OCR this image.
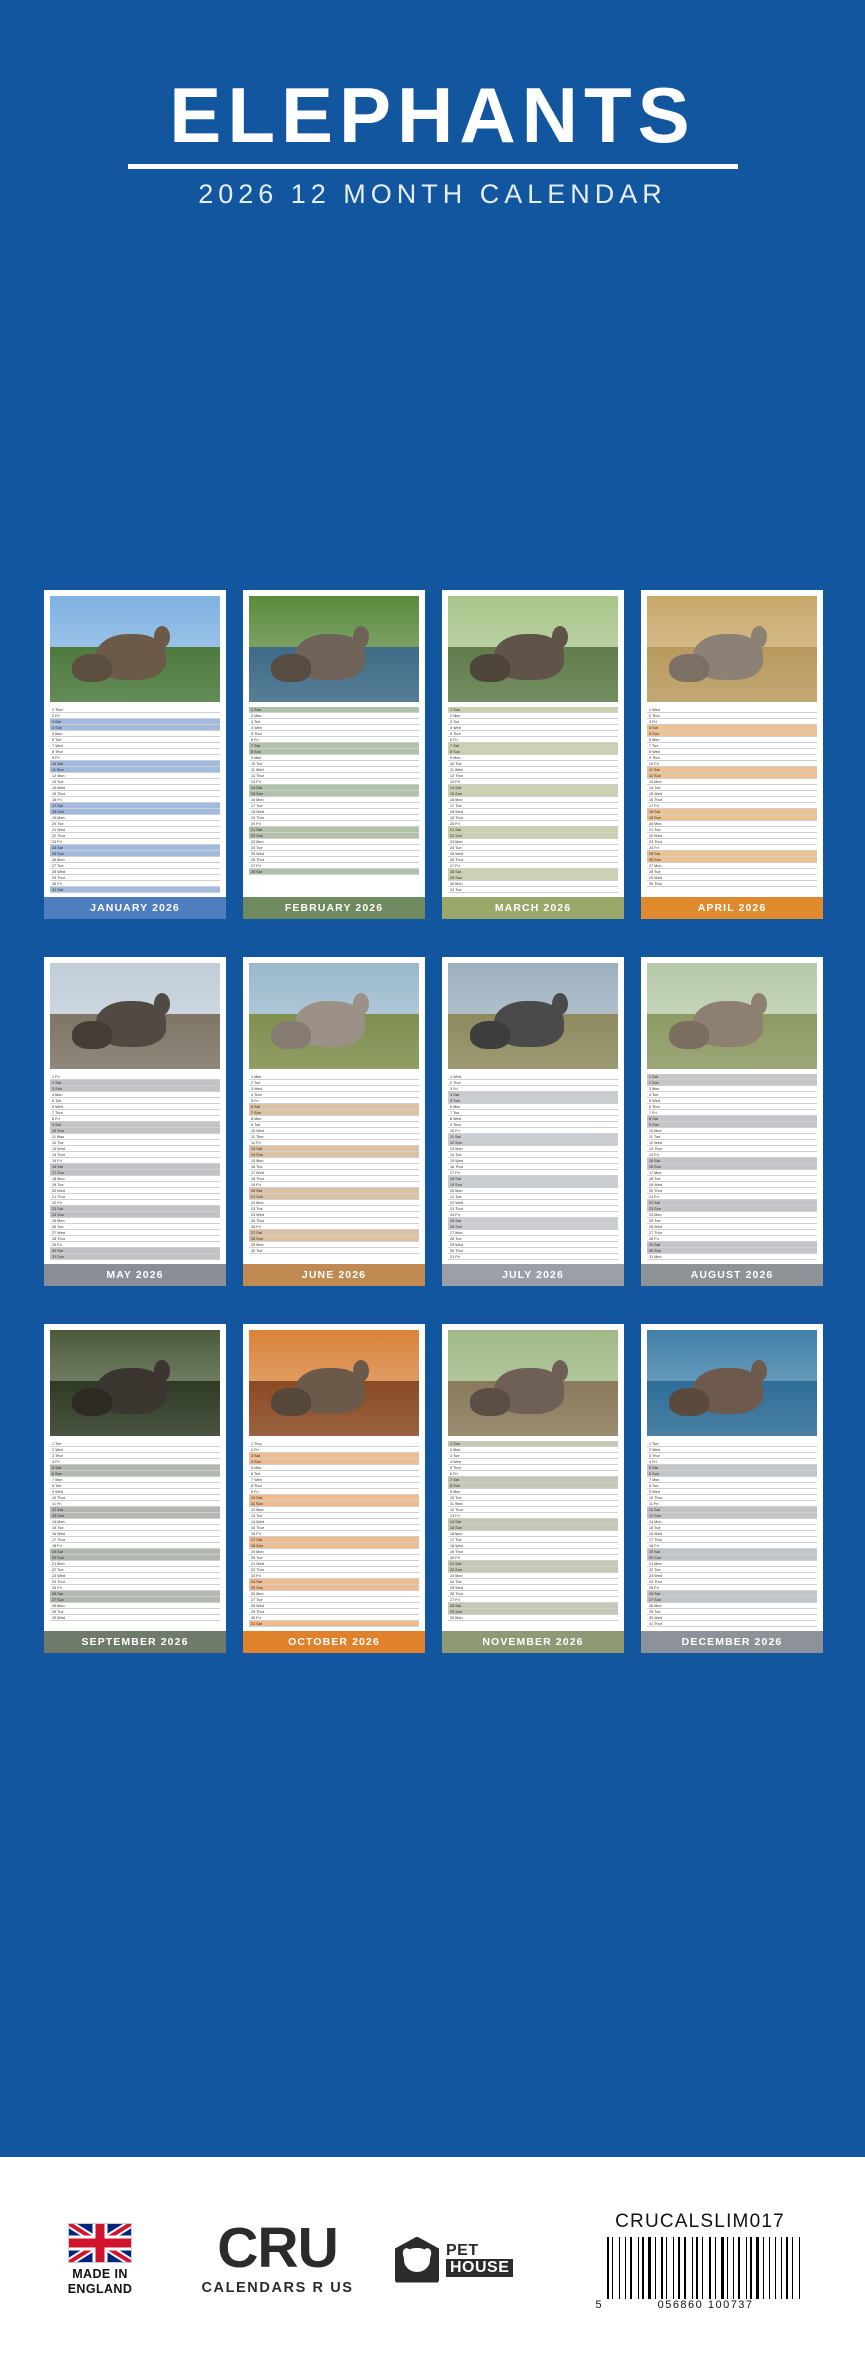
ELEPHANTS
2026 12 MONTH CALENDAR
1 Thur
2 Fri
3 Sat
4 Sun
5 Mon
6 Tue
7 Wed
8 Thur
9 Fri
10 Sat
11 Sun
12 Mon
13 Tue
14 Wed
15 Thur
16 Fri
17 Sat
18 Sun
19 Mon
20 Tue
21 Wed
22 Thur
23 Fri
24 Sat
25 Sun
26 Mon
27 Tue
28 Wed
29 Thur
30 Fri
31 Sat
JANUARY 2026
1 Sun
2 Mon
3 Tue
4 Wed
5 Thur
6 Fri
7 Sat
8 Sun
9 Mon
10 Tue
11 Wed
12 Thur
13 Fri
14 Sat
15 Sun
16 Mon
17 Tue
18 Wed
19 Thur
20 Fri
21 Sat
22 Sun
23 Mon
24 Tue
25 Wed
26 Thur
27 Fri
28 Sat
FEBRUARY 2026
1 Sun
2 Mon
3 Tue
4 Wed
5 Thur
6 Fri
7 Sat
8 Sun
9 Mon
10 Tue
11 Wed
12 Thur
13 Fri
14 Sat
15 Sun
16 Mon
17 Tue
18 Wed
19 Thur
20 Fri
21 Sat
22 Sun
23 Mon
24 Tue
25 Wed
26 Thur
27 Fri
28 Sat
29 Sun
30 Mon
31 Tue
MARCH 2026
1 Wed
2 Thur
3 Fri
4 Sat
5 Sun
6 Mon
7 Tue
8 Wed
9 Thur
10 Fri
11 Sat
12 Sun
13 Mon
14 Tue
15 Wed
16 Thur
17 Fri
18 Sat
19 Sun
20 Mon
21 Tue
22 Wed
23 Thur
24 Fri
25 Sat
26 Sun
27 Mon
28 Tue
29 Wed
30 Thur
APRIL 2026
1 Fri
2 Sat
3 Sun
4 Mon
5 Tue
6 Wed
7 Thur
8 Fri
9 Sat
10 Sun
11 Mon
12 Tue
13 Wed
14 Thur
15 Fri
16 Sat
17 Sun
18 Mon
19 Tue
20 Wed
21 Thur
22 Fri
23 Sat
24 Sun
25 Mon
26 Tue
27 Wed
28 Thur
29 Fri
30 Sat
31 Sun
MAY 2026
1 Mon
2 Tue
3 Wed
4 Thur
5 Fri
6 Sat
7 Sun
8 Mon
9 Tue
10 Wed
11 Thur
12 Fri
13 Sat
14 Sun
15 Mon
16 Tue
17 Wed
18 Thur
19 Fri
20 Sat
21 Sun
22 Mon
23 Tue
24 Wed
25 Thur
26 Fri
27 Sat
28 Sun
29 Mon
30 Tue
JUNE 2026
1 Wed
2 Thur
3 Fri
4 Sat
5 Sun
6 Mon
7 Tue
8 Wed
9 Thur
10 Fri
11 Sat
12 Sun
13 Mon
14 Tue
15 Wed
16 Thur
17 Fri
18 Sat
19 Sun
20 Mon
21 Tue
22 Wed
23 Thur
24 Fri
25 Sat
26 Sun
27 Mon
28 Tue
29 Wed
30 Thur
31 Fri
JULY 2026
1 Sat
2 Sun
3 Mon
4 Tue
5 Wed
6 Thur
7 Fri
8 Sat
9 Sun
10 Mon
11 Tue
12 Wed
13 Thur
14 Fri
15 Sat
16 Sun
17 Mon
18 Tue
19 Wed
20 Thur
21 Fri
22 Sat
23 Sun
24 Mon
25 Tue
26 Wed
27 Thur
28 Fri
29 Sat
30 Sun
31 Mon
AUGUST 2026
1 Tue
2 Wed
3 Thur
4 Fri
5 Sat
6 Sun
7 Mon
8 Tue
9 Wed
10 Thur
11 Fri
12 Sat
13 Sun
14 Mon
15 Tue
16 Wed
17 Thur
18 Fri
19 Sat
20 Sun
21 Mon
22 Tue
23 Wed
24 Thur
25 Fri
26 Sat
27 Sun
28 Mon
29 Tue
30 Wed
SEPTEMBER 2026
1 Thur
2 Fri
3 Sat
4 Sun
5 Mon
6 Tue
7 Wed
8 Thur
9 Fri
10 Sat
11 Sun
12 Mon
13 Tue
14 Wed
15 Thur
16 Fri
17 Sat
18 Sun
19 Mon
20 Tue
21 Wed
22 Thur
23 Fri
24 Sat
25 Sun
26 Mon
27 Tue
28 Wed
29 Thur
30 Fri
31 Sat
OCTOBER 2026
1 Sun
2 Mon
3 Tue
4 Wed
5 Thur
6 Fri
7 Sat
8 Sun
9 Mon
10 Tue
11 Wed
12 Thur
13 Fri
14 Sat
15 Sun
16 Mon
17 Tue
18 Wed
19 Thur
20 Fri
21 Sat
22 Sun
23 Mon
24 Tue
25 Wed
26 Thur
27 Fri
28 Sat
29 Sun
30 Mon
NOVEMBER 2026
1 Tue
2 Wed
3 Thur
4 Fri
5 Sat
6 Sun
7 Mon
8 Tue
9 Wed
10 Thur
11 Fri
12 Sat
13 Sun
14 Mon
15 Tue
16 Wed
17 Thur
18 Fri
19 Sat
20 Sun
21 Mon
22 Tue
23 Wed
24 Thur
25 Fri
26 Sat
27 Sun
28 Mon
29 Tue
30 Wed
31 Thur
DECEMBER 2026
MADE IN
ENGLAND
CRU
CALENDARS R US
PET
HOUSE
CRUCALSLIM017
5	056860 100737
